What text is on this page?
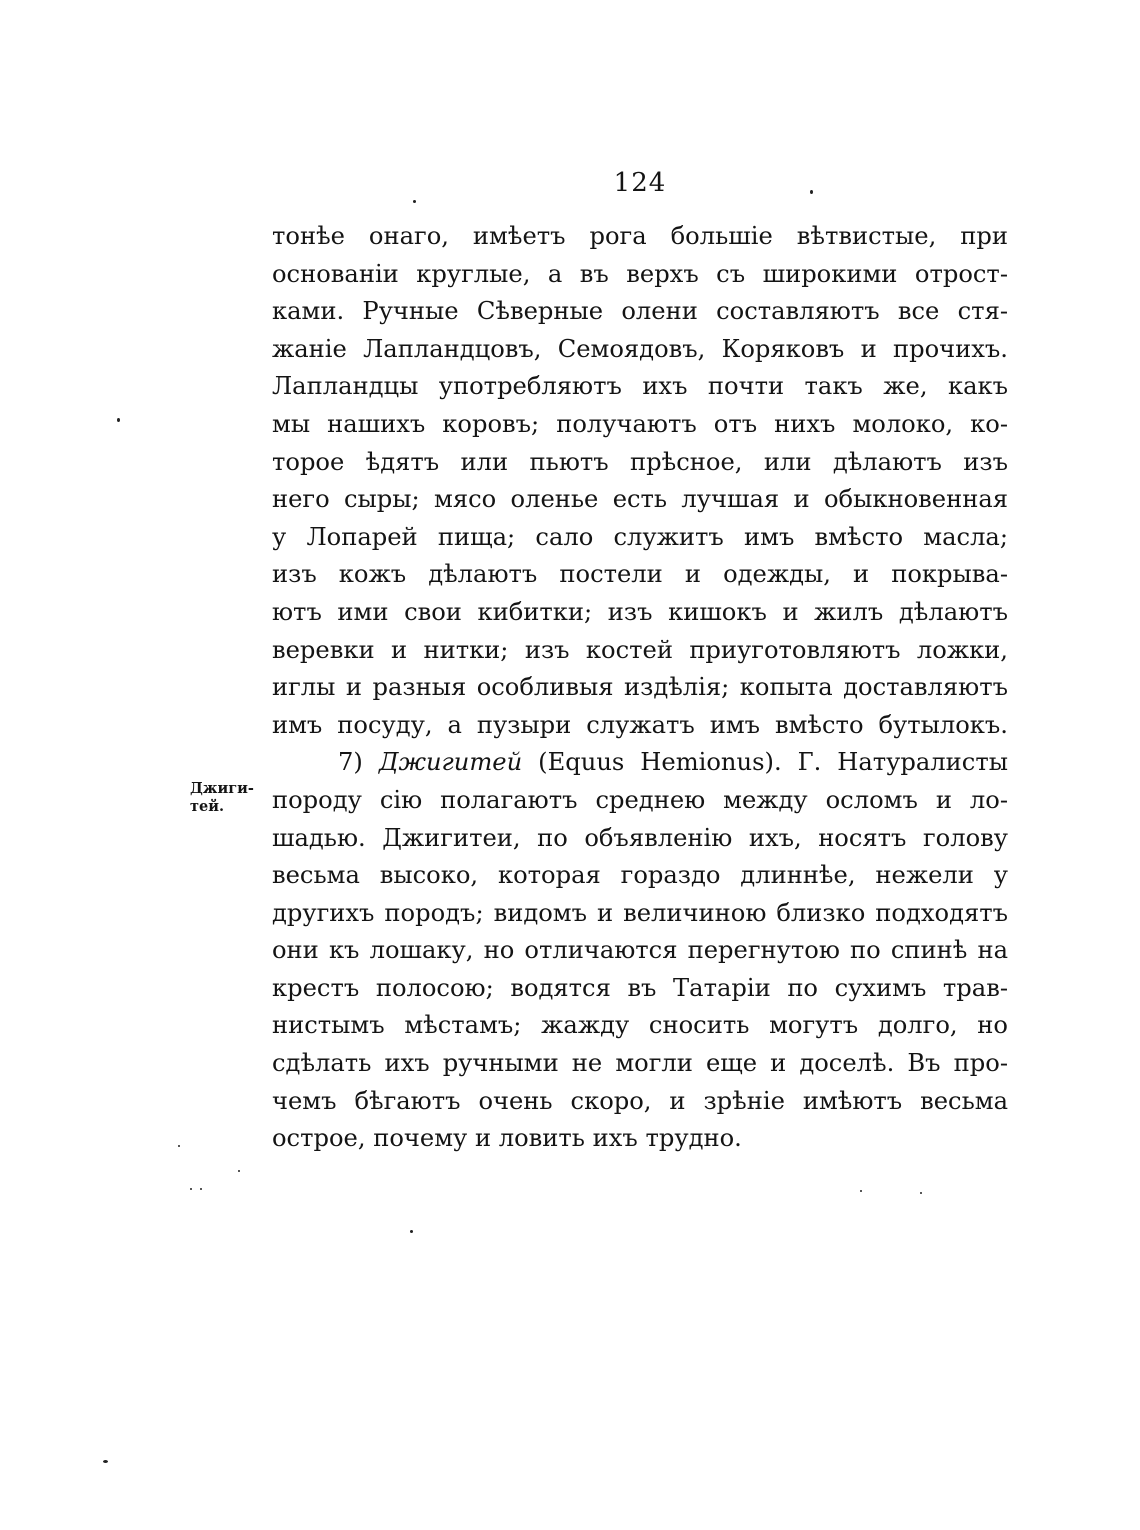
124
Джиги-
тей.
тонѣе онаго, имѣетъ рога большіе вѣтвистые, при
основаніи круглые, а въ верхъ съ широкими отрост-
ками. Ручные Сѣверные олени составляютъ все стя-
жаніе Лапландцовъ, Семоядовъ, Коряковъ и прочихъ.
Лапландцы употребляютъ ихъ почти такъ же, какъ
мы нашихъ коровъ; получаютъ отъ нихъ молоко, ко-
торое ѣдятъ или пьютъ прѣсное, или дѣлаютъ изъ
него сыры; мясо оленье есть лучшая и обыкновенная
у Лопарей пища; сало служитъ имъ вмѣсто масла;
изъ кожъ дѣлаютъ постели и одежды, и покрыва-
ютъ ими свои кибитки; изъ кишокъ и жилъ дѣлаютъ
веревки и нитки; изъ костей приуготовляютъ ложки,
иглы и разныя особливыя издѣлія; копыта доставляютъ
имъ посуду, а пузыри служатъ имъ вмѣсто бутылокъ.
7) Джигитей (Equus Hemionus). Г. Натуралисты
породу сію полагаютъ среднею между осломъ и ло-
шадью. Джигитеи, по объявленію ихъ, носятъ голову
весьма высоко, которая гораздо длиннѣе, нежели у
другихъ породъ; видомъ и величиною близко подходятъ
они къ лошаку, но отличаются перегнутою по спинѣ на
крестъ полосою; водятся въ Татаріи по сухимъ трав-
нистымъ мѣстамъ; жажду сносить могутъ долго, но
сдѣлать ихъ ручными не могли еще и доселѣ. Въ про-
чемъ бѣгаютъ очень скоро, и зрѣніе имѣютъ весьма
острое, почему и ловить ихъ трудно.
